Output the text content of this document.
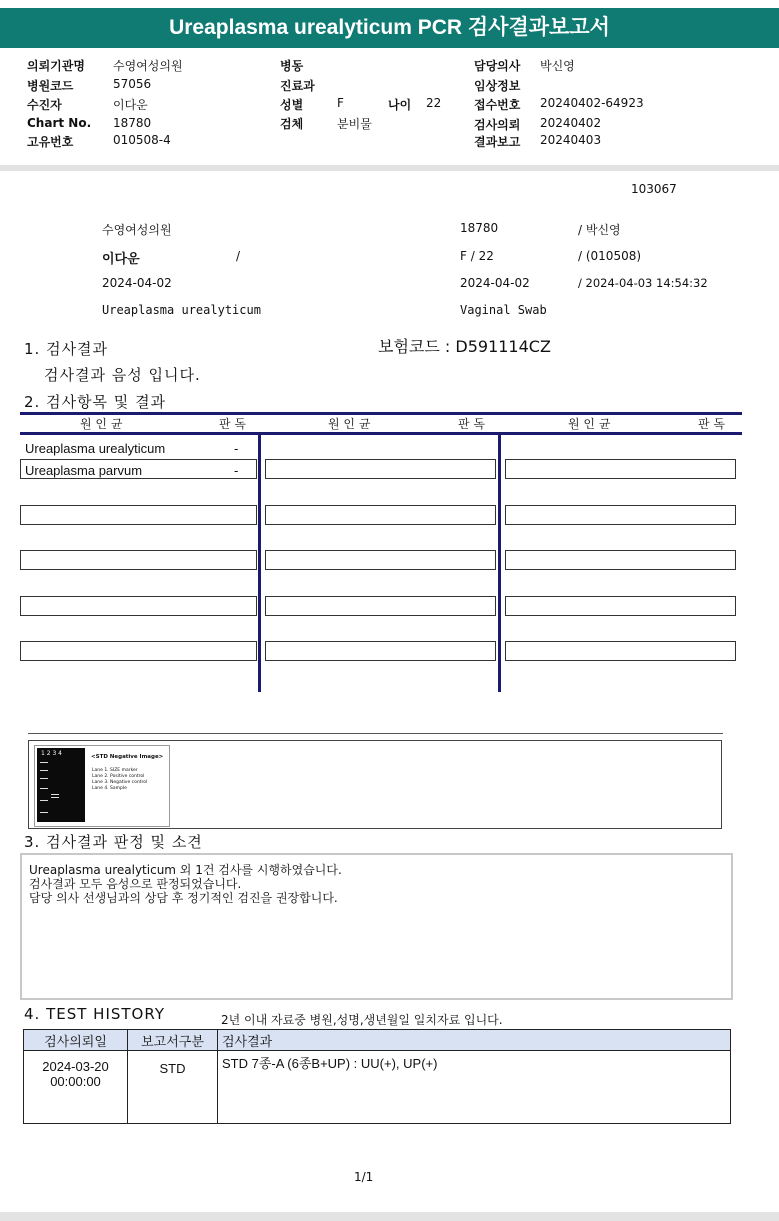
Ureaplasma urealyticum PCR 검사결과보고서
의뢰기관명 수영여성의원	병동	담당의사 박신영
병원코드	57056	진료과	임상정보
수진자	이다운	성별	F	나이 22	접수번호 20240402-64923
Chart No. 18780	검체	분비물	검사의뢰 20240402
고유번호	010508-4	결과보고 20240403
103067
수영여성의원	18780	/ 박신영
이다운	/	F / 22	/ (010508)
2024-04-02	2024-04-02	/ 2024-04-03 14:54:32
Ureaplasma urealyticum	Vaginal Swab
1. 검사결과	보험코드 : D591114CZ
검사결과 음성 입니다.
2. 검사항목 및 결과
원 인 균	판 독	원 인 균	판 독	원 인 균	판 독
Ureaplasma urealyticum	-
Ureaplasma parvum	-
1 2 3 4	<STD Negative Image>
Lane 1. SIZE marker
Lane 2. Positive control
Lane 3. Negative control
Lane 4. Sample
3. 검사결과 판정 및 소견
Ureaplasma urealyticum 외 1건 검사를 시행하였습니다.
검사결과 모두 음성으로 판정되었습니다.
담당 의사 선생님과의 상담 후 정기적인 검진을 권장합니다.
4. TEST HISTORY	2년 이내 자료중 병원,성명,생년월일 일치자료 입니다.
검사의뢰일	보고서구분	검사결과

2024-03-20
00:00:00	STD	STD 7종-A (6종B+UP) : UU(+), UP(+)
1/1
